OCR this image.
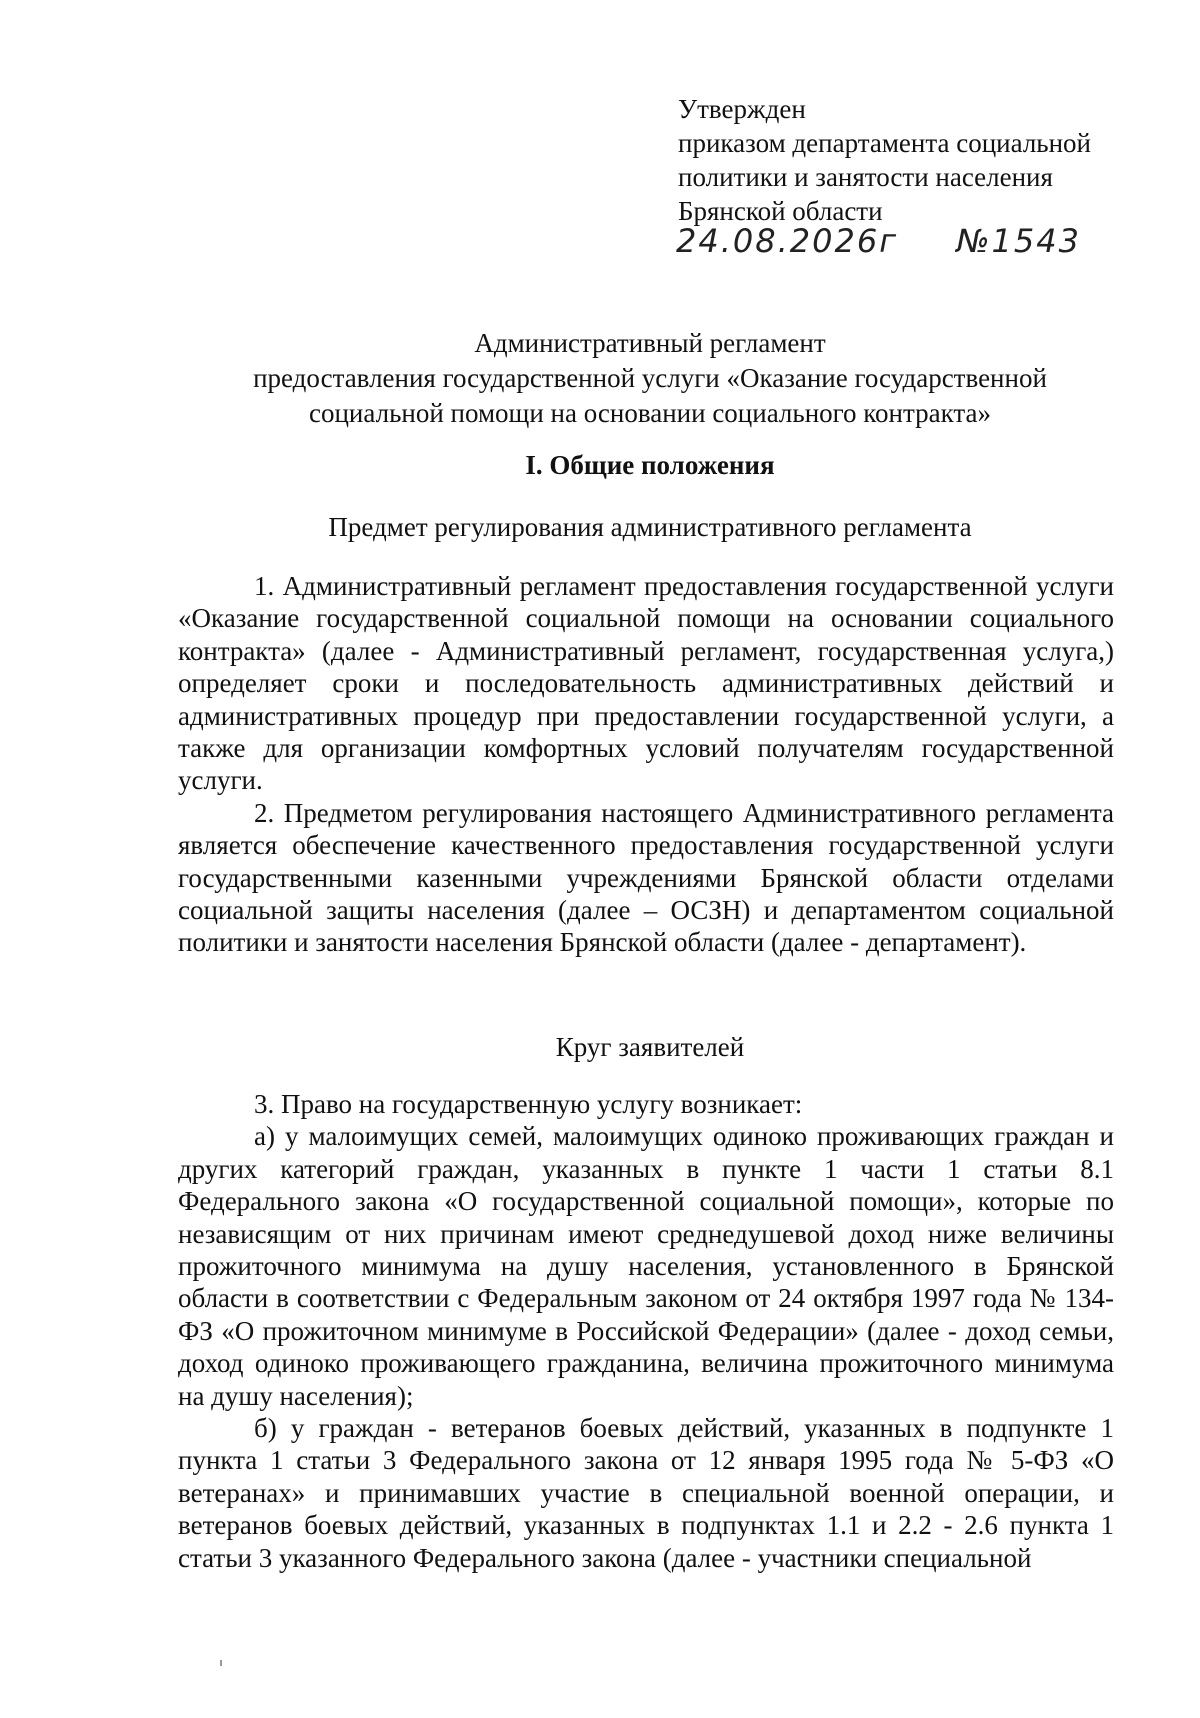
Утвержден
приказом департамента социальной
политики и занятости населения
Брянской области
24.08.2026г №1543
Административный регламент
предоставления государственной услуги «Оказание государственной
социальной помощи на основании социального контракта»
I. Общие положения
Предмет регулирования административного регламента

1. Административный регламент предоставления государственной услуги «Оказание государственной социальной помощи на основании социального контракта» (далее - Административный регламент, государственная услуга,) определяет сроки и последовательность административных действий и административных процедур при предоставлении государственной услуги, а также для организации комфортных условий получателям государственной услуги.

2. Предметом регулирования настоящего Административного регламента является обеспечение качественного предоставления государственной услуги государственными казенными учреждениями Брянской области отделами социальной защиты населения (далее – ОСЗН) и департаментом социальной политики и занятости населения Брянской области (далее - департамент).

Круг заявителей

3. Право на государственную услугу возникает:

а) у малоимущих семей, малоимущих одиноко проживающих граждан и других категорий граждан, указанных в пункте 1 части 1 статьи 8.1 Федерального закона «О государственной социальной помощи», которые по независящим от них причинам имеют среднедушевой доход ниже величины прожиточного минимума на душу населения, установленного в Брянской области в соответствии с Федеральным законом от 24 октября 1997 года № 134-ФЗ «О прожиточном минимуме в Российской Федерации» (далее - доход семьи, доход одиноко проживающего гражданина, величина прожиточного минимума на душу населения);

б) у граждан - ветеранов боевых действий, указанных в подпункте 1 пункта 1 статьи 3 Федерального закона от 12 января 1995 года № 5-ФЗ «О ветеранах» и принимавших участие в специальной военной операции, и ветеранов боевых действий, указанных в подпунктах 1.1 и 2.2 - 2.6 пункта 1 статьи 3 указанного Федерального закона (далее - участники специальной
